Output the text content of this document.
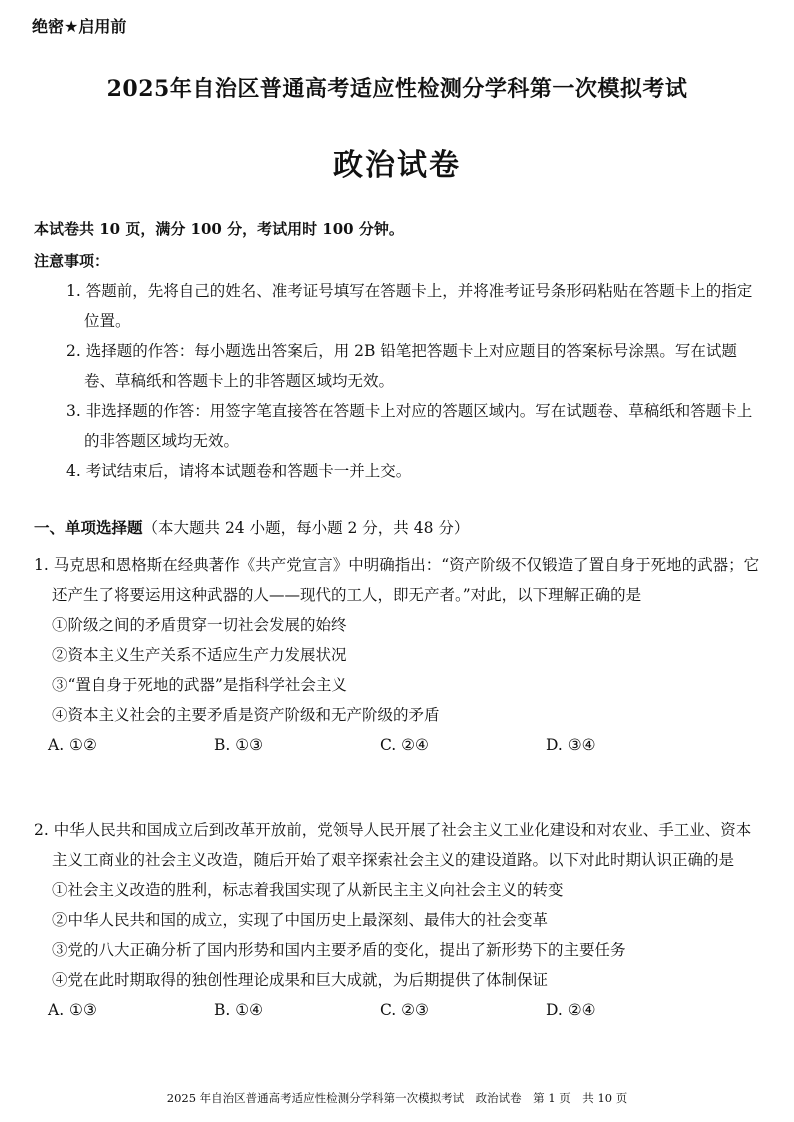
绝密★启用前
2025年自治区普通高考适应性检测分学科第一次模拟考试
政治试卷
本试卷共 10 页，满分 100 分，考试用时 100 分钟。
注意事项：
1. 答题前，先将自己的姓名、准考证号填写在答题卡上，并将准考证号条形码粘贴在答题卡上的指定位置。
2. 选择题的作答：每小题选出答案后，用 2B 铅笔把答题卡上对应题目的答案标号涂黑。写在试题卷、草稿纸和答题卡上的非答题区域均无效。
3. 非选择题的作答：用签字笔直接答在答题卡上对应的答题区域内。写在试题卷、草稿纸和答题卡上的非答题区域均无效。
4. 考试结束后，请将本试题卷和答题卡一并上交。
一、单项选择题（本大题共 24 小题，每小题 2 分，共 48 分）
1. 马克思和恩格斯在经典著作《共产党宣言》中明确指出：“资产阶级不仅锻造了置自身于死地的武器；它还产生了将要运用这种武器的人——现代的工人，即无产者。”对此，以下理解正确的是
①阶级之间的矛盾贯穿一切社会发展的始终
②资本主义生产关系不适应生产力发展状况
③“置自身于死地的武器”是指科学社会主义
④资本主义社会的主要矛盾是资产阶级和无产阶级的矛盾
A. ①②	B. ①③	C. ②④	D. ③④
2. 中华人民共和国成立后到改革开放前，党领导人民开展了社会主义工业化建设和对农业、手工业、资本主义工商业的社会主义改造，随后开始了艰辛探索社会主义的建设道路。以下对此时期认识正确的是
①社会主义改造的胜利，标志着我国实现了从新民主主义向社会主义的转变
②中华人民共和国的成立，实现了中国历史上最深刻、最伟大的社会变革
③党的八大正确分析了国内形势和国内主要矛盾的变化，提出了新形势下的主要任务
④党在此时期取得的独创性理论成果和巨大成就，为后期提供了体制保证
A. ①③	B. ①④	C. ②③	D. ②④
2025 年自治区普通高考适应性检测分学科第一次模拟考试　政治试卷　第 1 页　共 10 页
